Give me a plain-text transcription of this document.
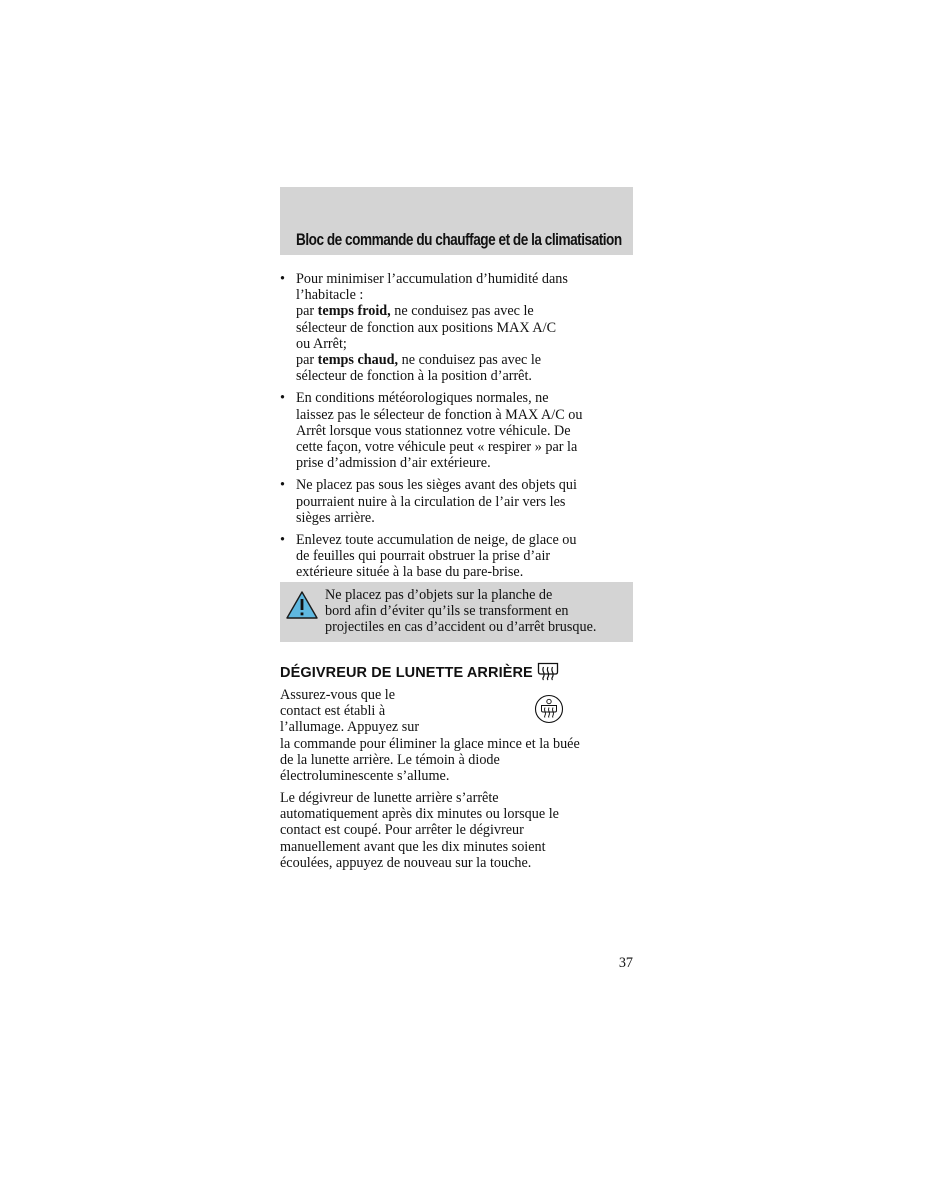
Bloc de commande du chauffage et de la climatisation
• Pour minimiser l’accumulation d’humidité dans
l’habitacle :
par temps froid, ne conduisez pas avec le
sélecteur de fonction aux positions MAX A/C
ou Arrêt;
par temps chaud, ne conduisez pas avec le
sélecteur de fonction à la position d’arrêt.
• En conditions météorologiques normales, ne
laissez pas le sélecteur de fonction à MAX A/C ou
Arrêt lorsque vous stationnez votre véhicule. De
cette façon, votre véhicule peut « respirer » par la
prise d’admission d’air extérieure.
• Ne placez pas sous les sièges avant des objets qui
pourraient nuire à la circulation de l’air vers les
sièges arrière.
• Enlevez toute accumulation de neige, de glace ou
de feuilles qui pourrait obstruer la prise d’air
extérieure située à la base du pare-brise.

Ne placez pas d’objets sur la planche de
bord afin d’éviter qu’ils se transforment en
projectiles en cas d’accident ou d’arrêt brusque.

DÉGIVREUR DE LUNETTE ARRIÈRE

Assurez-vous que le
contact est établi à
l’allumage. Appuyez sur
la commande pour éliminer la glace mince et la buée
de la lunette arrière. Le témoin à diode
électroluminescente s’allume.

Le dégivreur de lunette arrière s’arrête
automatiquement après dix minutes ou lorsque le
contact est coupé. Pour arrêter le dégivreur
manuellement avant que les dix minutes soient
écoulées, appuyez de nouveau sur la touche.

37
